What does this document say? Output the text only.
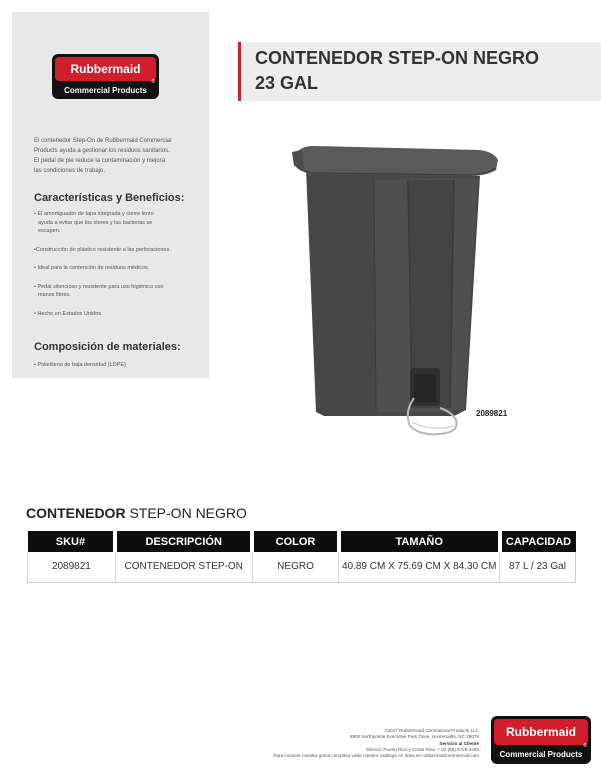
Rubbermaid
®
Commercial Products
El contenedor Step-On de Rubbermaid Commercial
Products ayuda a gestionar los residuos sanitarios.
El pedal de pie reduce la contaminación y mejora
las condiciones de trabajo.
Características y Beneficios:
• El amortiguador de tapa integrada y cierre lento
ayuda a evitar que los olores y las bacterias se
escapen.
•Construcción de plástico resistente a las perforaciones.
• Ideal para la contención de residuos médicos.
• Pedal silencioso y resistente para uso higiénico con
manos libres.
• Hecho en Estados Unidos.
Composición de materiales:
• Polietileno de baja densidad (LDPE)
CONTENEDOR STEP-ON NEGRO
23 GAL
2089821
CONTENEDOR STEP-ON NEGRO
SKU#	DESCRIPCIÓN	COLOR	TAMAÑO	CAPACIDAD
2089821	CONTENEDOR STEP-ON	NEGRO	40.89 CM X 75.69 CM X 84.30 CM	87 L / 23 Gal

©2017 Rubbermaid Commercial Products LLC

8900 Northpointe Executive Park Drive, Huntersville, NC 28078

Servicio al Cliente

México, Puerto Rico y Costa Rica: + 52 (55) 5729-3400

Para conocer nuestra gama completa visite nuestro catálogo en línea en rubbermaidcommercial.com

Rubbermaid
®
Commercial Products
